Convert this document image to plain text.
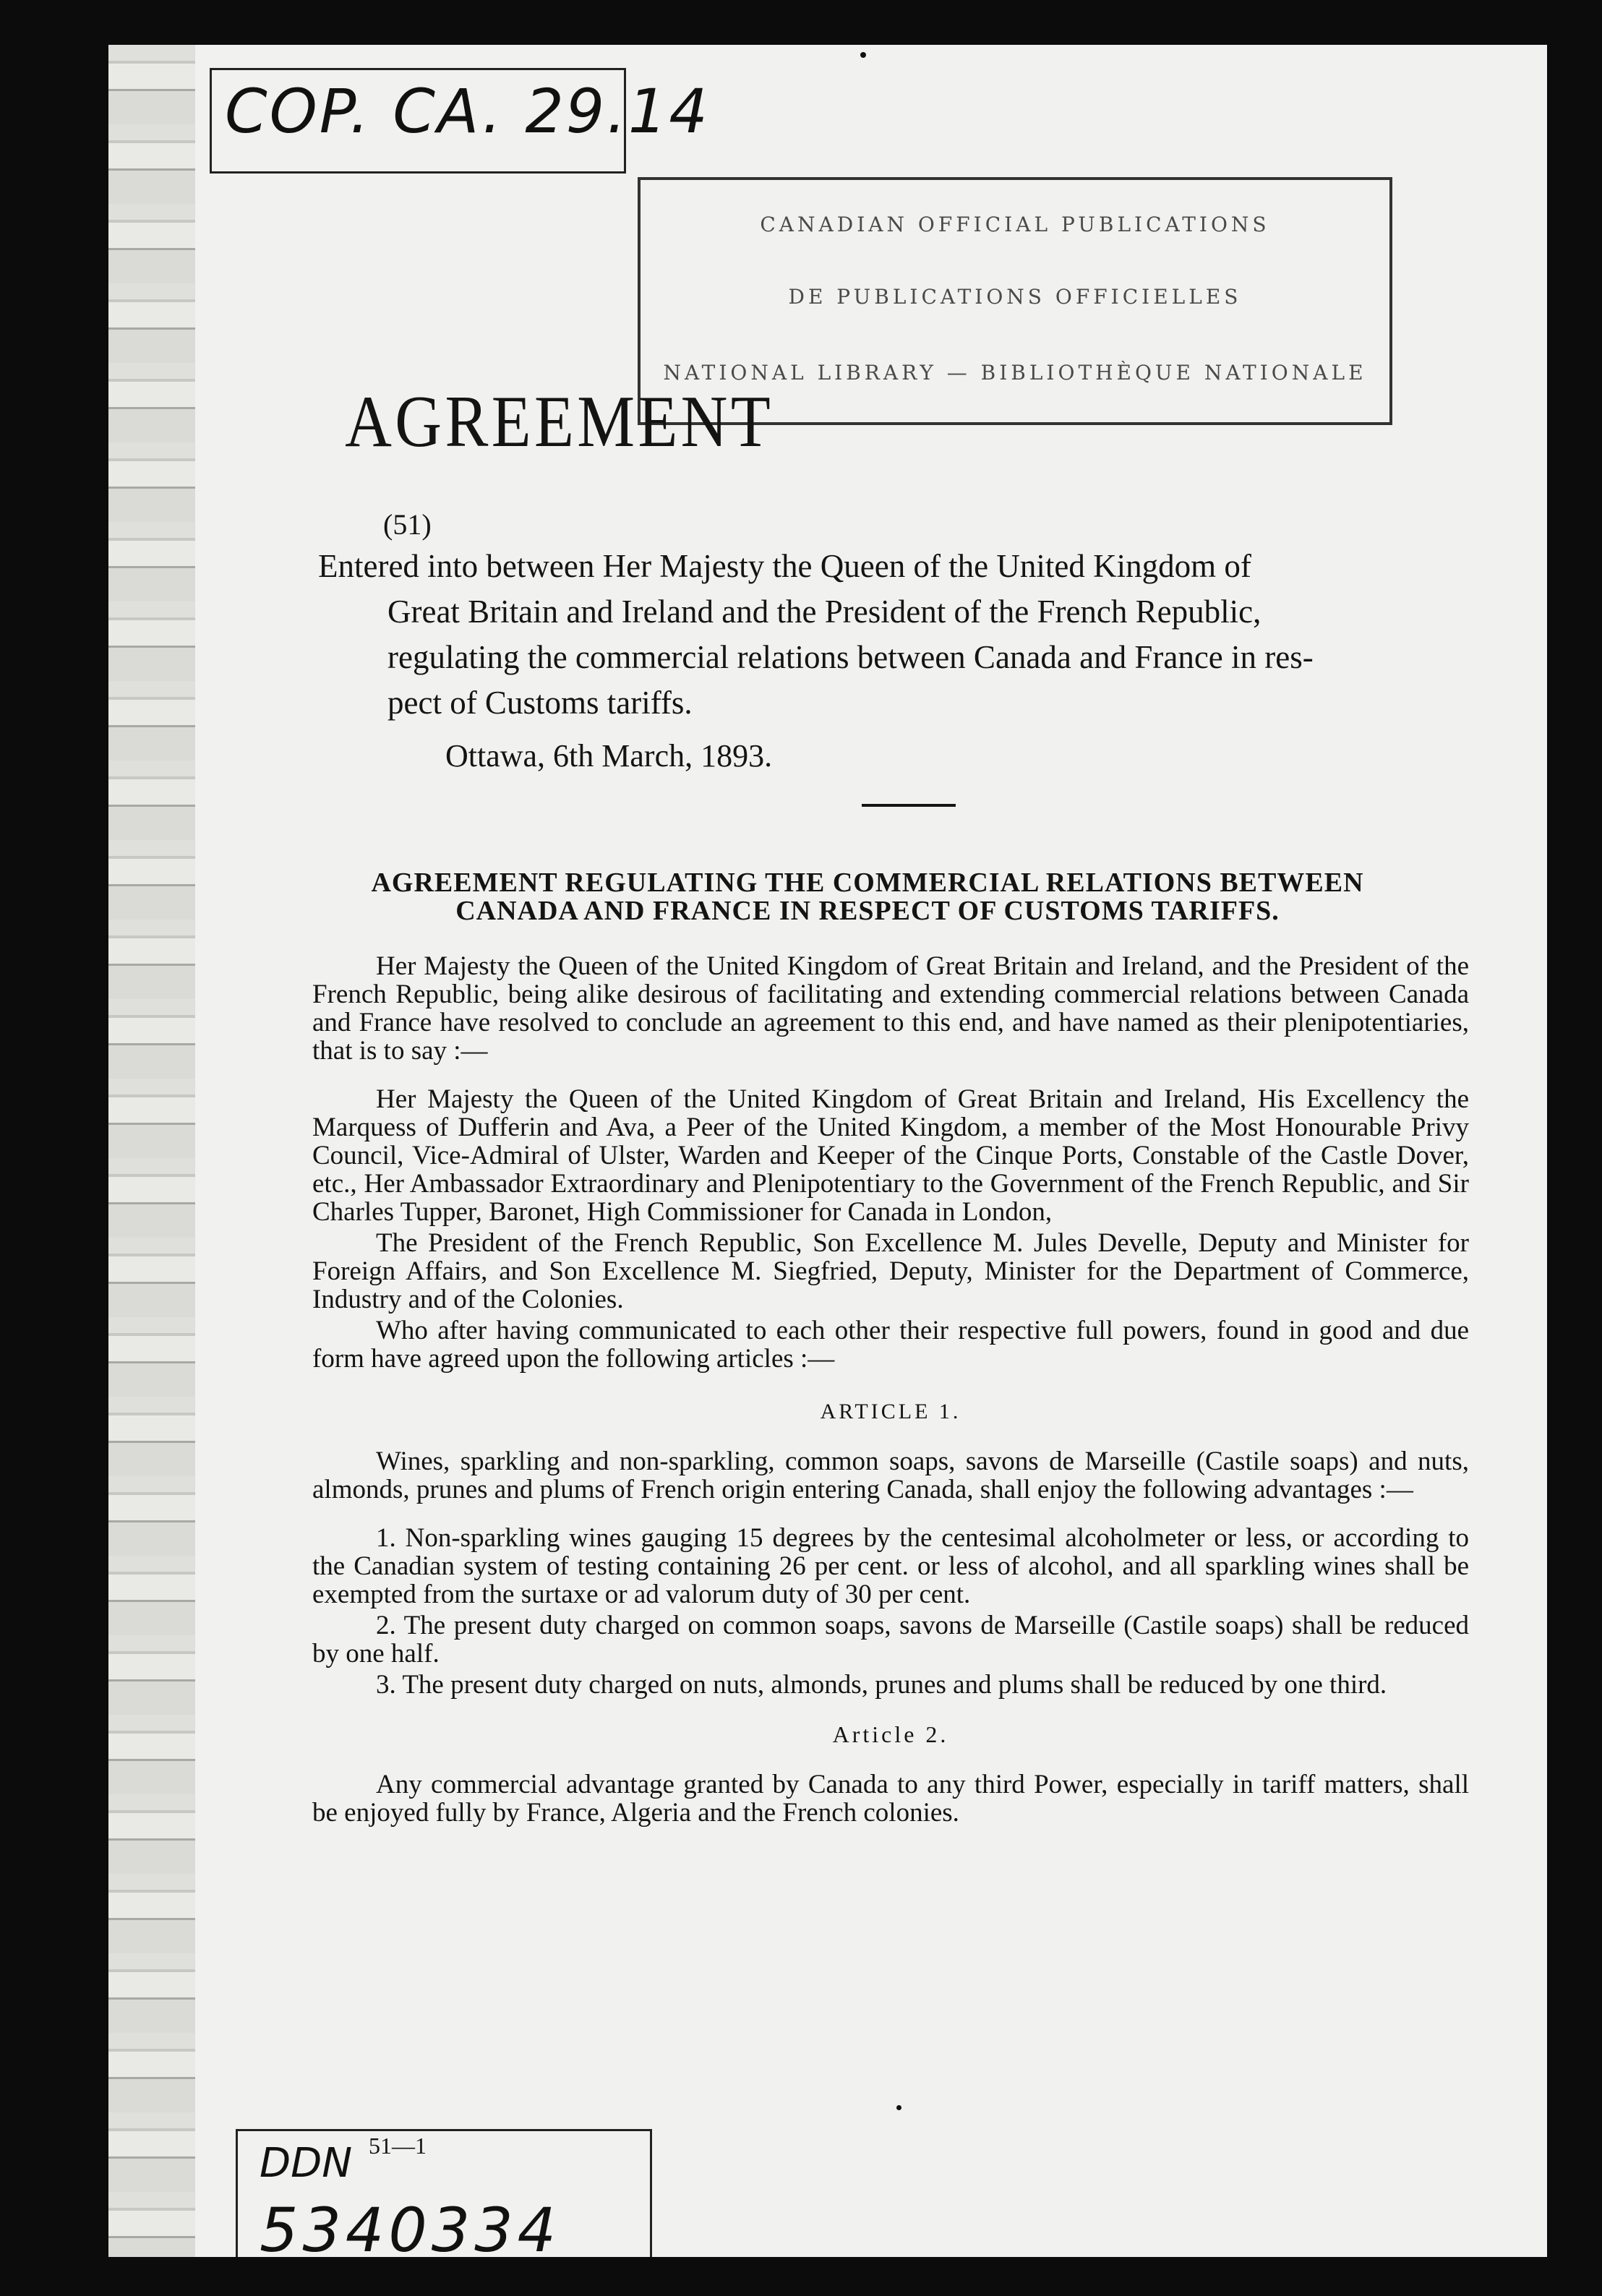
COP. CA. 29.14
CANADIAN OFFICIAL PUBLICATIONS
DE PUBLICATIONS OFFICIELLES
NATIONAL LIBRARY — BIBLIOTHÈQUE NATIONALE
(51)
Entered into between Her Majesty the Queen of the United Kingdom of
Great Britain and Ireland and the President of the French Republic,
regulating the commercial relations between Canada and France in res-
pect of Customs tariffs.
Ottawa, 6th March, 1893.
AGREEMENT REGULATING THE COMMERCIAL RELATIONS BETWEEN
CANADA AND FRANCE IN RESPECT OF CUSTOMS TARIFFS.
Her Majesty the Queen of the United Kingdom of Great Britain and Ireland, and the President of the French Republic, being alike desirous of facilitating and extending commercial relations between Canada and France have resolved to conclude an agreement to this end, and have named as their plenipotentiaries, that is to say :—
Her Majesty the Queen of the United Kingdom of Great Britain and Ireland, His Excellency the Marquess of Dufferin and Ava, a Peer of the United Kingdom, a member of the Most Honourable Privy Council, Vice-Admiral of Ulster, Warden and Keeper of the Cinque Ports, Constable of the Castle Dover, etc., Her Ambassador Extraordinary and Plenipotentiary to the Government of the French Republic, and Sir Charles Tupper, Baronet, High Commissioner for Canada in London,
The President of the French Republic, Son Excellence M. Jules Develle, Deputy and Minister for Foreign Affairs, and Son Excellence M. Siegfried, Deputy, Minister for the Department of Commerce, Industry and of the Colonies.
Who after having communicated to each other their respective full powers, found in good and due form have agreed upon the following articles :—
ARTICLE 1.
Wines, sparkling and non-sparkling, common soaps, savons de Marseille (Castile soaps) and nuts, almonds, prunes and plums of French origin entering Canada, shall enjoy the following advantages :—
1. Non-sparkling wines gauging 15 degrees by the centesimal alcoholmeter or less, or according to the Canadian system of testing containing 26 per cent. or less of alcohol, and all sparkling wines shall be exempted from the surtaxe or ad valorum duty of 30 per cent.
2. The present duty charged on common soaps, savons de Marseille (Castile soaps) shall be reduced by one half.
3. The present duty charged on nuts, almonds, prunes and plums shall be reduced by one third.
Article 2.
Any commercial advantage granted by Canada to any third Power, especially in tariff matters, shall be enjoyed fully by France, Algeria and the French colonies.
51—1
DDN
5340334
AGREEMENT
